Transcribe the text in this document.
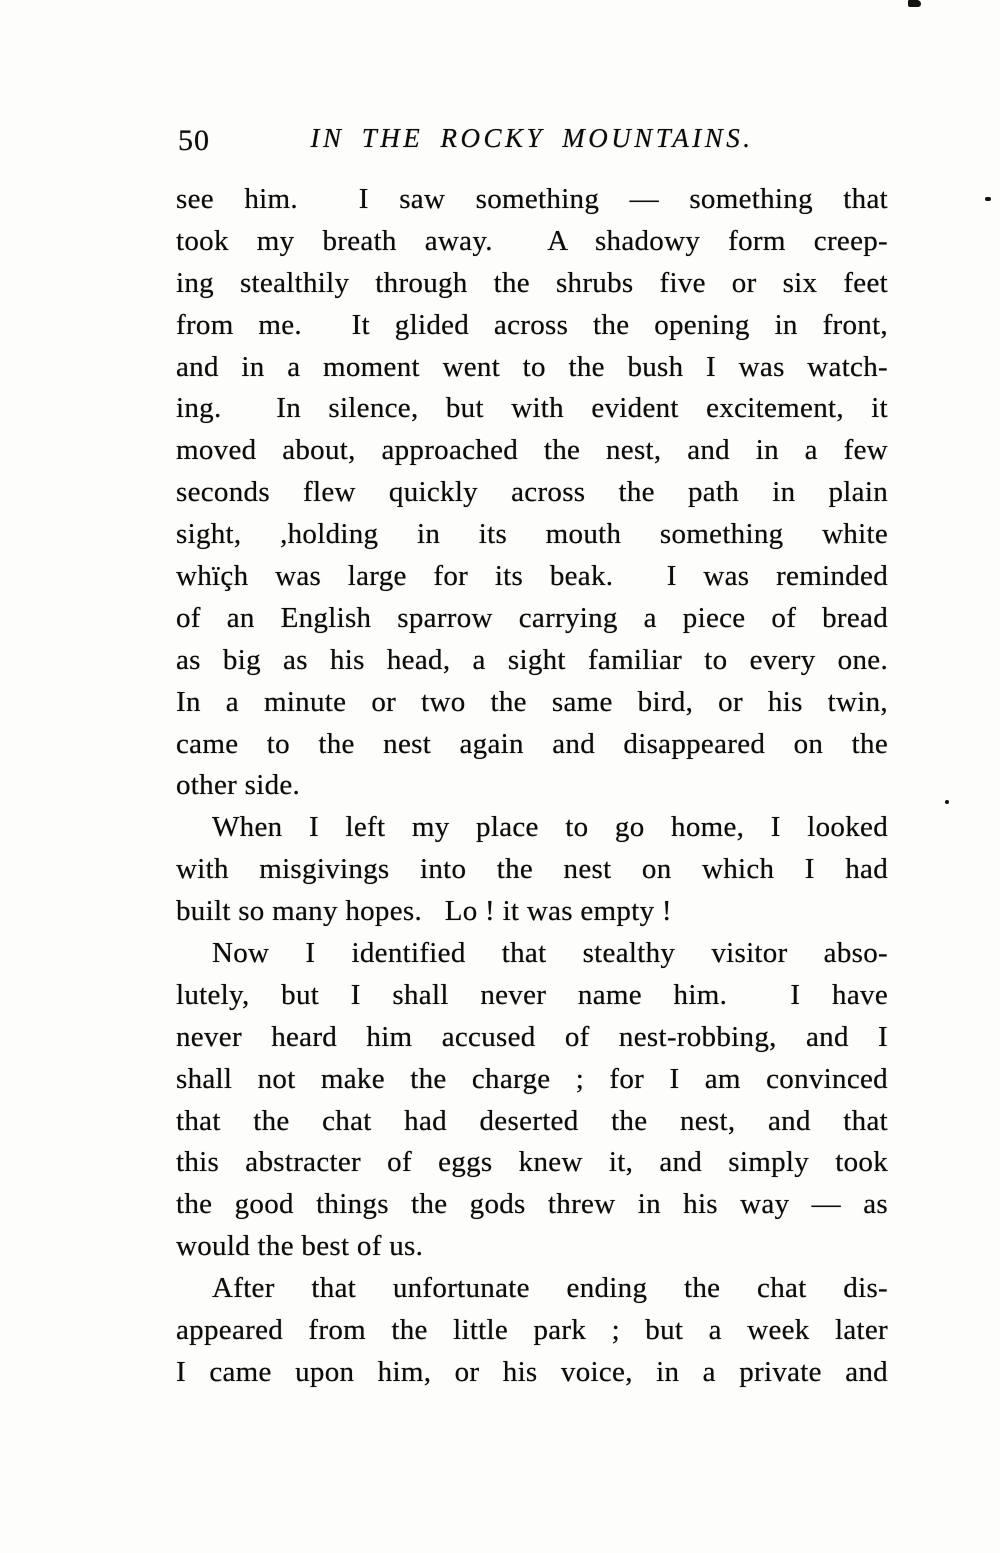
50	IN THE ROCKY MOUNTAINS.
see him.  I saw something — something that
took my breath away.  A shadowy form creep-
ing stealthily through the shrubs five or six feet
from me.  It glided across the opening in front,
and in a moment went to the bush I was watch-
ing.  In silence, but with evident excitement, it
moved about, approached the nest, and in a few
seconds flew quickly across the path in plain
sight, ,holding in its mouth something white
whïçh was large for its beak.  I was reminded
of an English sparrow carrying a piece of bread
as big as his head, a sight familiar to every one.
In a minute or two the same bird, or his twin,
came to the nest again and disappeared on the
other side.
When I left my place to go home, I looked
with misgivings into the nest on which I had
built so many hopes.   Lo ! it was empty !
Now I identified that stealthy visitor abso-
lutely, but I shall never name him.  I have
never heard him accused of nest-robbing, and I
shall not make the charge ; for I am convinced
that the chat had deserted the nest, and that
this abstracter of eggs knew it, and simply took
the good things the gods threw in his way — as
would the best of us.
After that unfortunate ending the chat dis-
appeared from the little park ; but a week later
I came upon him, or his voice, in a private and
